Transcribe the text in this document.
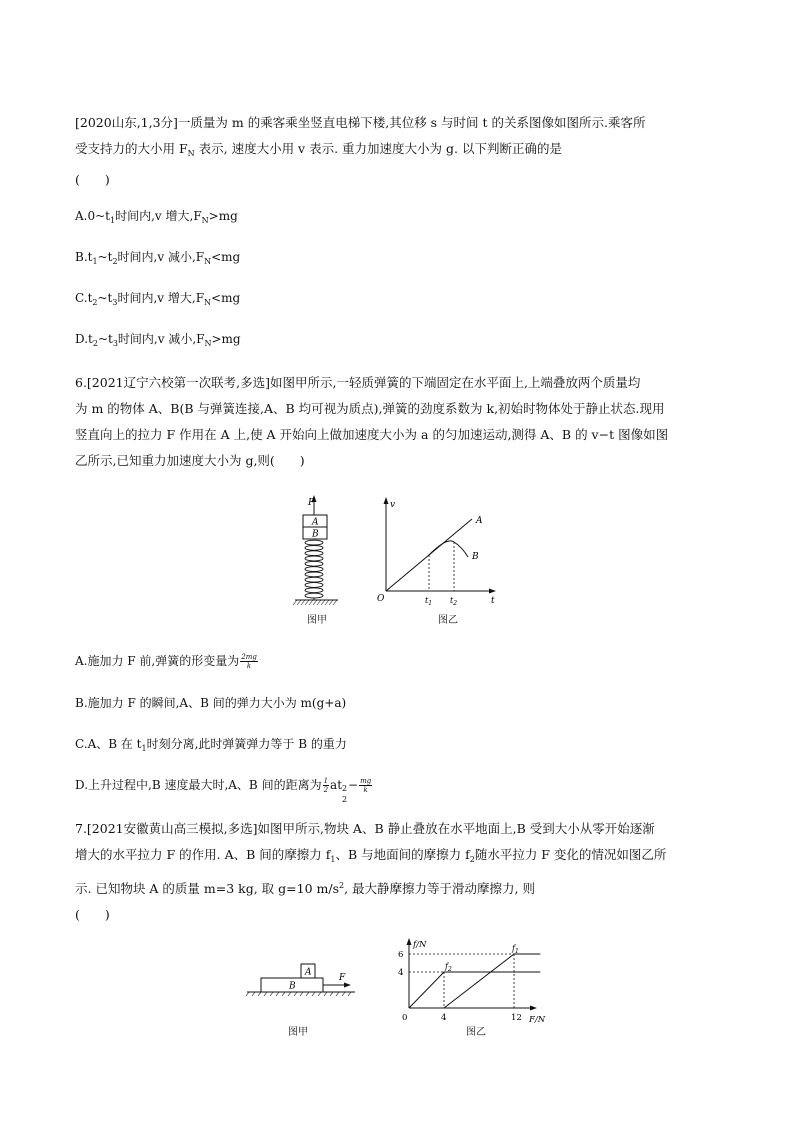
[2020山东,1,3分]一质量为 m 的乘客乘坐竖直电梯下楼,其位移 s 与时间 t 的关系图像如图所示.乘客所
受支持力的大小用 $F_N$ 表示, 速度大小用 v 表示. 重力加速度大小为 g. 以下判断正确的是
(　　)
$A.0\sim t_1$时间内,v 增大$,F_N>mg$
$B.t_1\sim t_2$时间内,v 减小$,F_N<mg$
$C.t_2\sim t_3$时间内,v 增大$,F_N<mg$
$D.t_2\sim t_3$时间内,v 减小$,F_N>mg$
6.[2021辽宁六校第一次联考,多选]如图甲所示,一轻质弹簧的下端固定在水平面上,上端叠放两个质量均
为 m 的物体 A、B(B 与弹簧连接,A、B 均可视为质点),弹簧的劲度系数为 k,初始时物体处于静止状态.现用
竖直向上的拉力 F 作用在 A 上,使 A 开始向上做加速度大小为 a 的匀加速运动,测得 A、B 的 v−t 图像如图
乙所示,已知重力加速度大小为 g,则(　　)
F
A
B
图甲
v
O	t
A
B
$t_1$ $t_2$
图乙
A.施加力 F 前,弹簧的形变量为 $\frac{2mg}{k}$
B.施加力 F 的瞬间,A、B 间的弹力大小为 m(g+a)
C.A、B 在 $t_1$时刻分离,此时弹簧弹力等于 B 的重力
D.上升过程中,B 速度最大时,A、B 间的距离为 $\frac{1}{2}$ at 2
2
− $\frac{mg}{k}$
7.[2021安徽黄山高三模拟,多选]如图甲所示,物块 A、B 静止叠放在水平地面上,B 受到大小从零开始逐渐
增大的水平拉力 F 的作用. A、B 间的摩擦力 $f_1$、B 与地面间的摩擦力 $f_2$随水平拉力 F 变化的情况如图乙所
示. 已知物块 A 的质量 m=3 kg, 取 g=10 $m/s^2$, 最大静摩擦力等于滑动摩擦力, 则
(　　)
A
B
F
图甲
f/N
F/N
0
6
4
4	12
$f_1$
$f_2$
图乙
